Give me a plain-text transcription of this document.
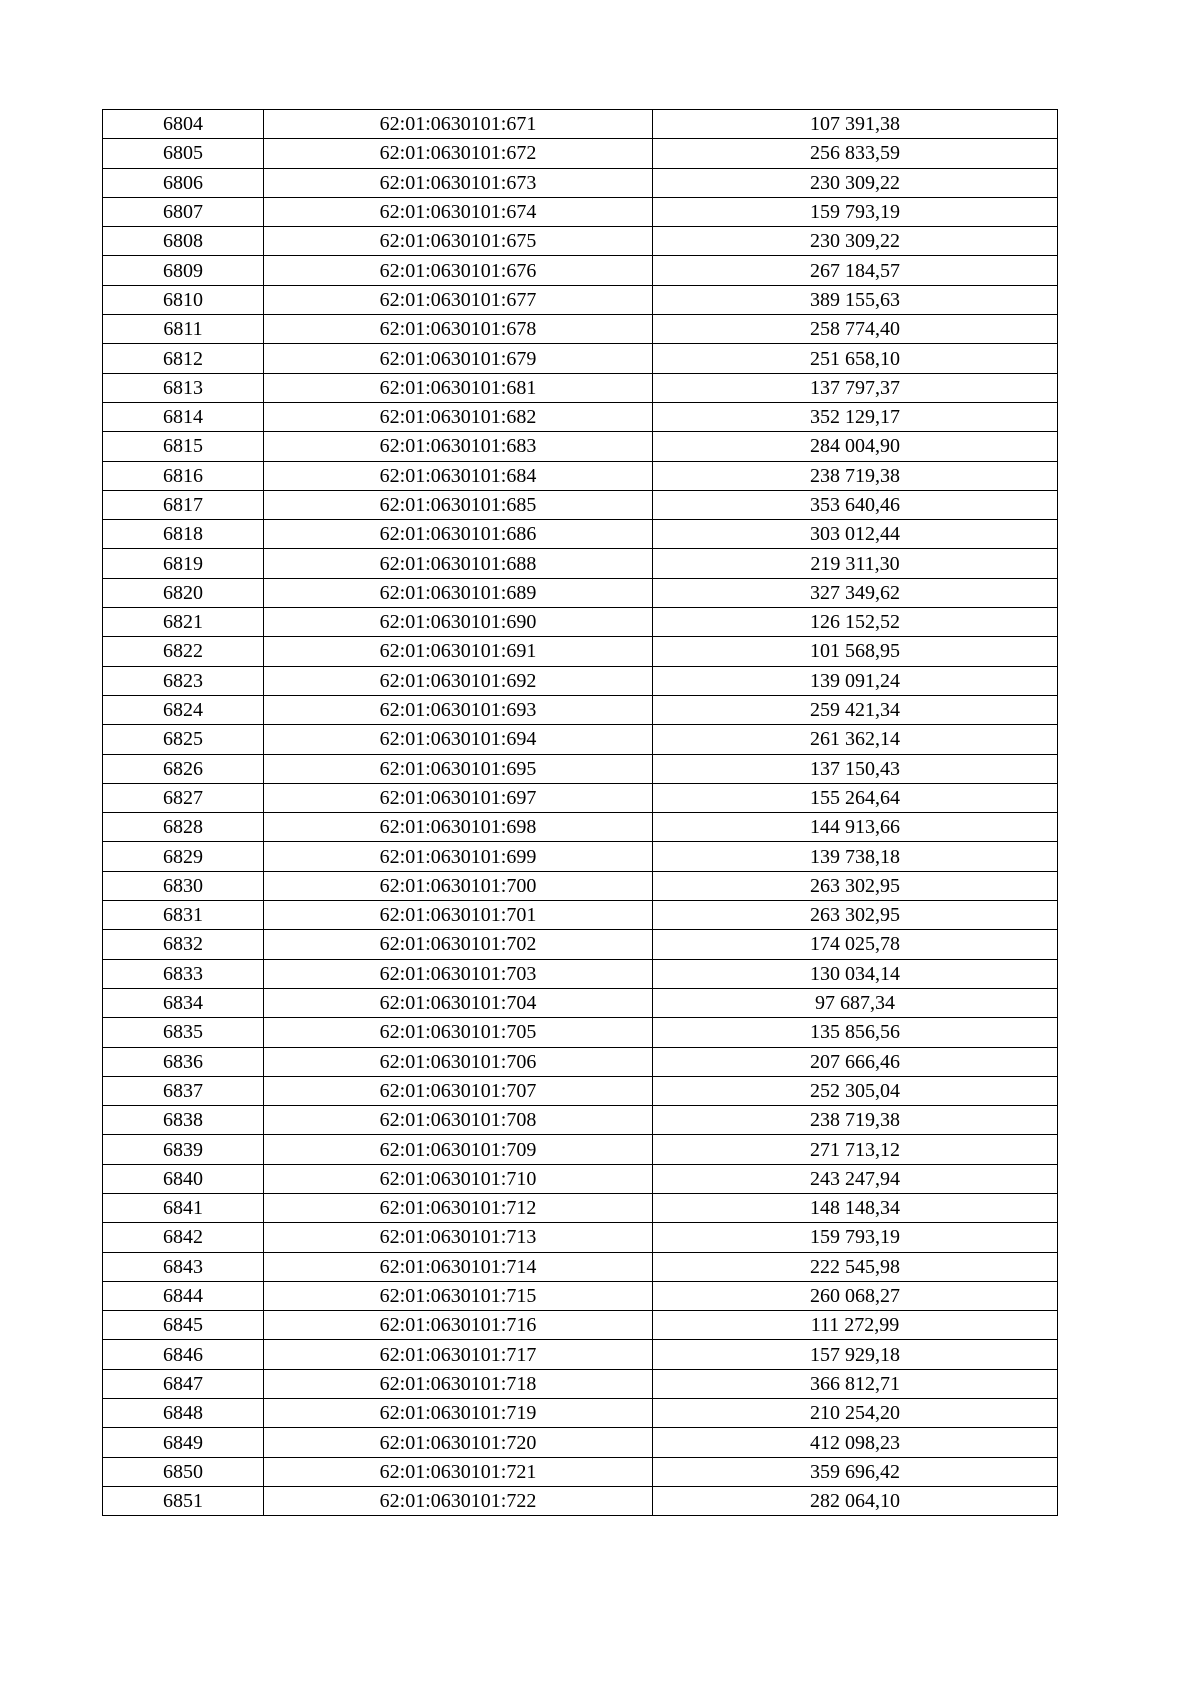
6804	62:01:0630101:671	107 391,38
6805	62:01:0630101:672	256 833,59
6806	62:01:0630101:673	230 309,22
6807	62:01:0630101:674	159 793,19
6808	62:01:0630101:675	230 309,22
6809	62:01:0630101:676	267 184,57
6810	62:01:0630101:677	389 155,63
6811	62:01:0630101:678	258 774,40
6812	62:01:0630101:679	251 658,10
6813	62:01:0630101:681	137 797,37
6814	62:01:0630101:682	352 129,17
6815	62:01:0630101:683	284 004,90
6816	62:01:0630101:684	238 719,38
6817	62:01:0630101:685	353 640,46
6818	62:01:0630101:686	303 012,44
6819	62:01:0630101:688	219 311,30
6820	62:01:0630101:689	327 349,62
6821	62:01:0630101:690	126 152,52
6822	62:01:0630101:691	101 568,95
6823	62:01:0630101:692	139 091,24
6824	62:01:0630101:693	259 421,34
6825	62:01:0630101:694	261 362,14
6826	62:01:0630101:695	137 150,43
6827	62:01:0630101:697	155 264,64
6828	62:01:0630101:698	144 913,66
6829	62:01:0630101:699	139 738,18
6830	62:01:0630101:700	263 302,95
6831	62:01:0630101:701	263 302,95
6832	62:01:0630101:702	174 025,78
6833	62:01:0630101:703	130 034,14
6834	62:01:0630101:704	97 687,34
6835	62:01:0630101:705	135 856,56
6836	62:01:0630101:706	207 666,46
6837	62:01:0630101:707	252 305,04
6838	62:01:0630101:708	238 719,38
6839	62:01:0630101:709	271 713,12
6840	62:01:0630101:710	243 247,94
6841	62:01:0630101:712	148 148,34
6842	62:01:0630101:713	159 793,19
6843	62:01:0630101:714	222 545,98
6844	62:01:0630101:715	260 068,27
6845	62:01:0630101:716	111 272,99
6846	62:01:0630101:717	157 929,18
6847	62:01:0630101:718	366 812,71
6848	62:01:0630101:719	210 254,20
6849	62:01:0630101:720	412 098,23
6850	62:01:0630101:721	359 696,42
6851	62:01:0630101:722	282 064,10
